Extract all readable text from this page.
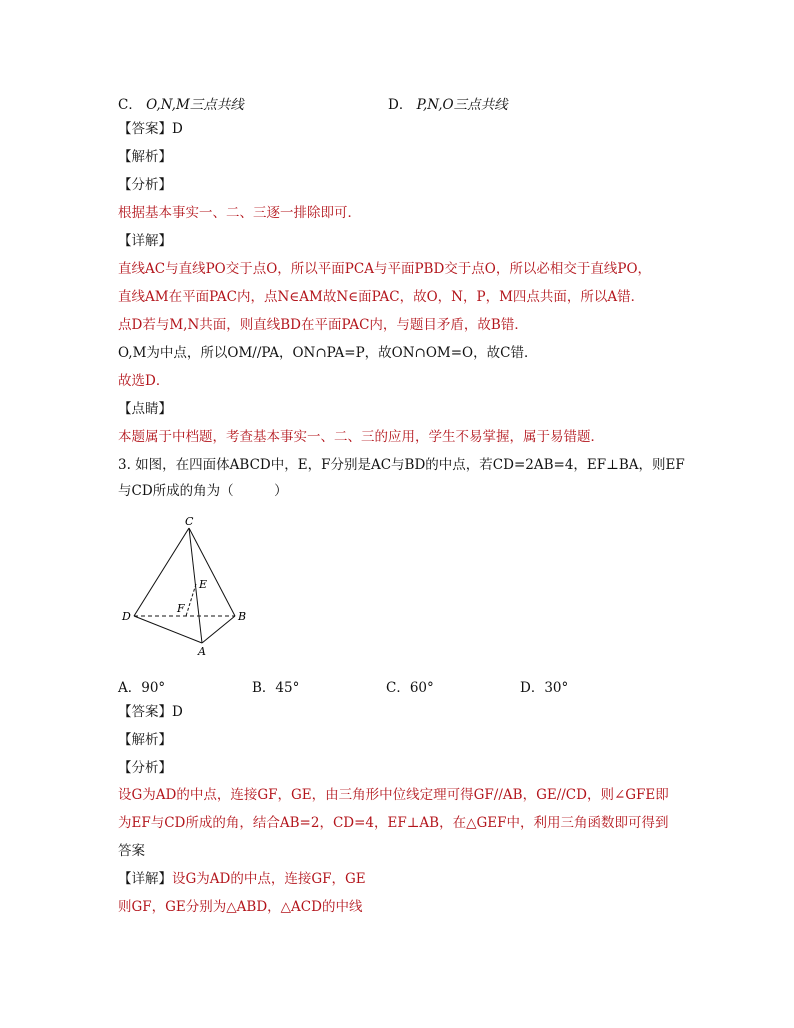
C． O,N,M三点共线	D． P,N,O三点共线
【答案】D
【解析】
【分析】
根据基本事实一、二、三逐一排除即可．
【详解】
直线AC与直线PO交于点O，所以平面PCA与平面PBD交于点O，所以必相交于直线PO，
直线AM在平面PAC内，点N∈AM故N∈面PAC，故O，N，P，M四点共面，所以A错．
点D若与M,N共面，则直线BD在平面PAC内，与题目矛盾，故B错．
O,M为中点，所以OM//PA，ON∩PA=P，故ON∩OM=O，故C错．
故选D．
【点睛】
本题属于中档题，考查基本事实一、二、三的应用，学生不易掌握，属于易错题．
3. 如图，在四面体ABCD中，E，F分别是AC与BD的中点，若CD=2AB=4，EF⊥BA，则EF
与CD所成的角为（　　　）
C
E
F
D	B
A
A．90°	B．45°	C．60°	D．30°
【答案】D
【解析】
【分析】
设G为AD的中点，连接GF，GE，由三角形中位线定理可得GF//AB，GE//CD，则∠GFE即
为EF与CD所成的角，结合AB=2，CD=4，EF⊥AB，在△GEF中，利用三角函数即可得到
答案
【详解】设G为AD的中点，连接GF，GE
则GF，GE分别为△ABD，△ACD的中线
